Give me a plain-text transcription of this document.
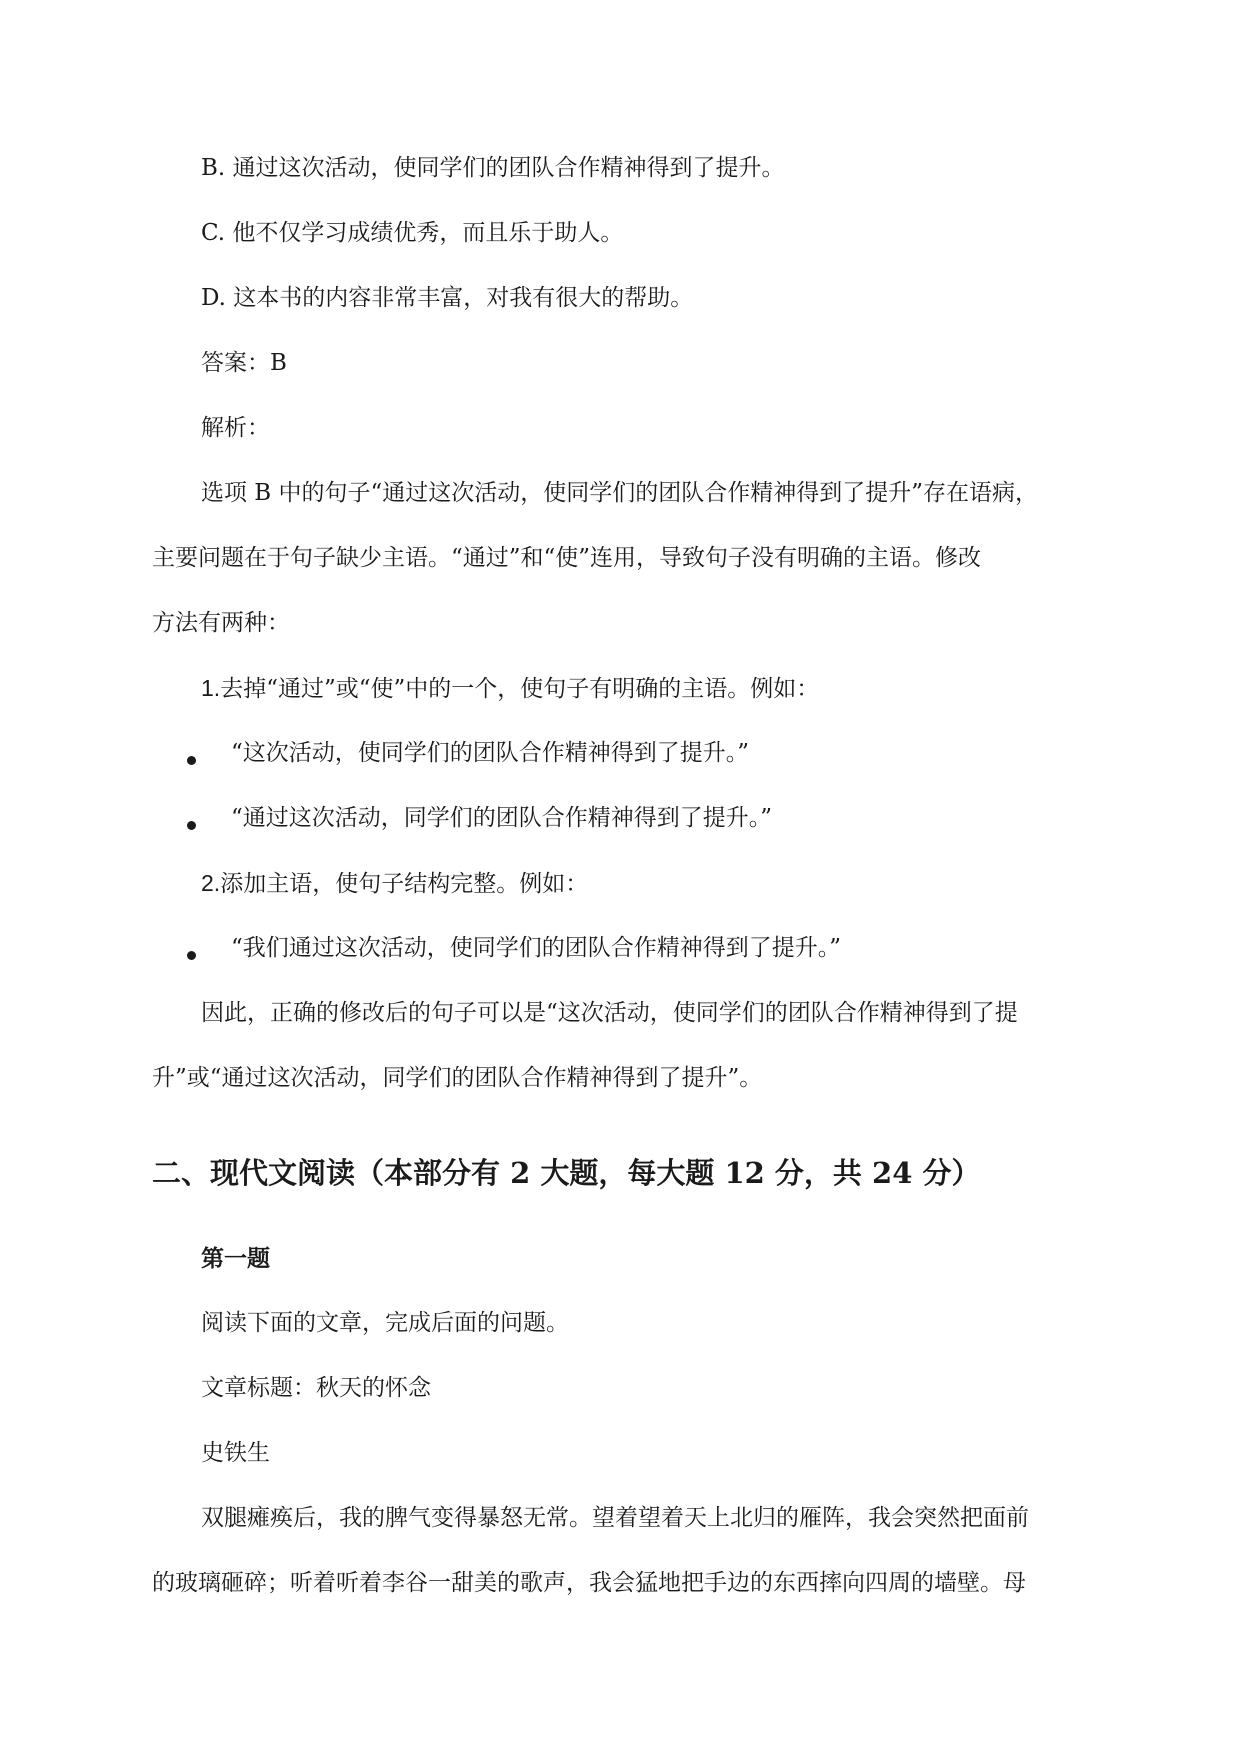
B. 通过这次活动，使同学们的团队合作精神得到了提升。
C. 他不仅学习成绩优秀，而且乐于助人。
D. 这本书的内容非常丰富，对我有很大的帮助。
答案：B
解析：
选项 B 中的句子“通过这次活动，使同学们的团队合作精神得到了提升”存在语病，
主要问题在于句子缺少主语。“通过”和“使”连用，导致句子没有明确的主语。修改
方法有两种：
1.去掉“通过”或“使”中的一个，使句子有明确的主语。例如：
“这次活动，使同学们的团队合作精神得到了提升。”
“通过这次活动，同学们的团队合作精神得到了提升。”
2.添加主语，使句子结构完整。例如：
“我们通过这次活动，使同学们的团队合作精神得到了提升。”
因此，正确的修改后的句子可以是“这次活动，使同学们的团队合作精神得到了提
升”或“通过这次活动，同学们的团队合作精神得到了提升”。
二、现代文阅读（本部分有 2 大题，每大题 12 分，共 24 分）
第一题
阅读下面的文章，完成后面的问题。
文章标题：秋天的怀念
史铁生
双腿瘫痪后，我的脾气变得暴怒无常。望着望着天上北归的雁阵，我会突然把面前
的玻璃砸碎；听着听着李谷一甜美的歌声，我会猛地把手边的东西摔向四周的墙壁。母
